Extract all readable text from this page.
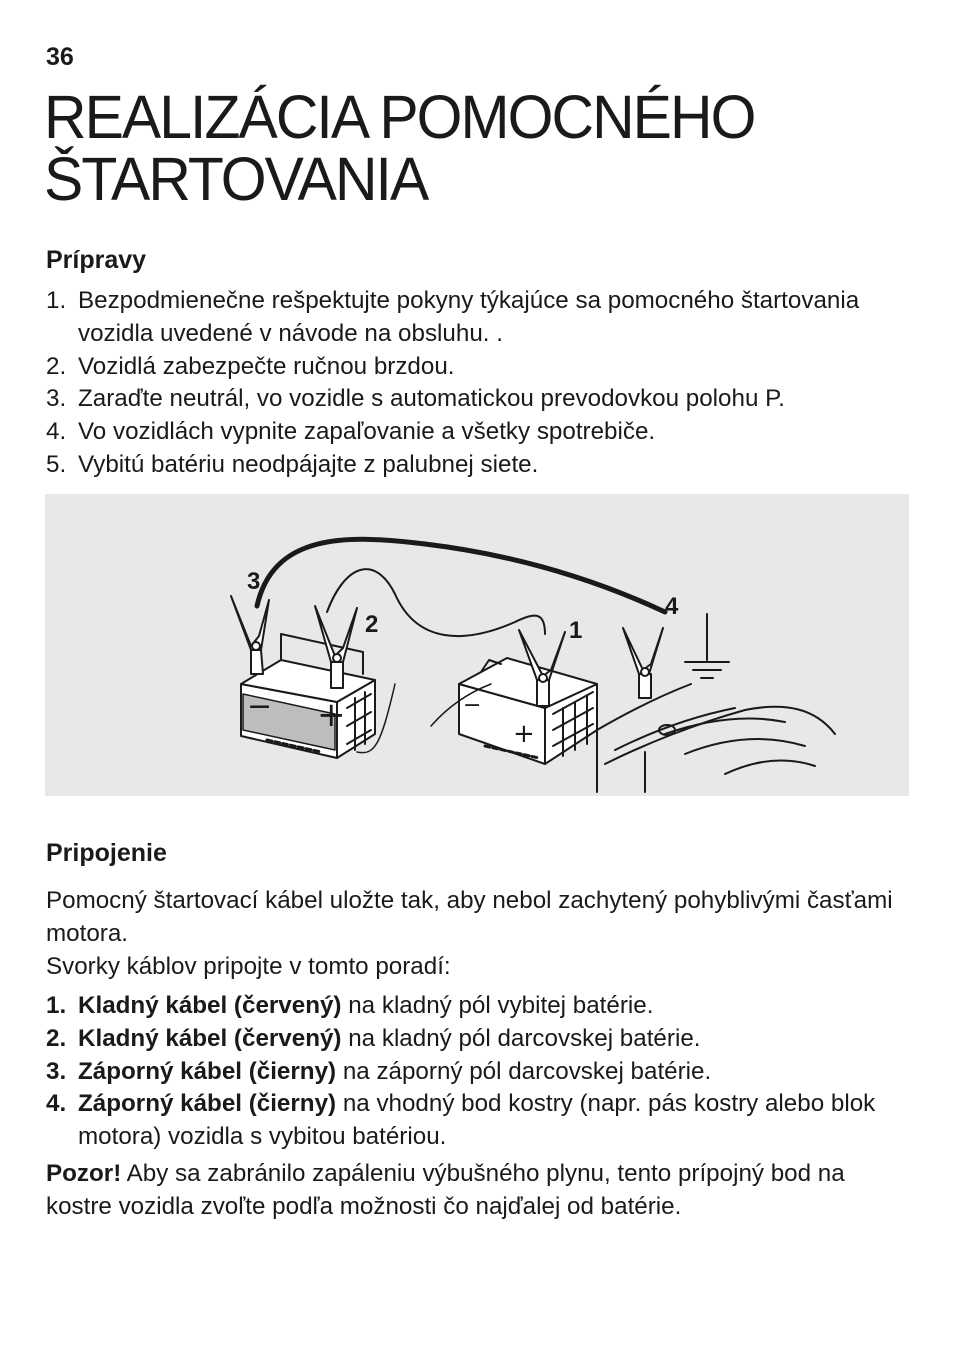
36
REALIZÁCIA POMOCNÉHO
ŠTARTOVANIA
Prípravy
1. Bezpodmienečne rešpektujte pokyny týkajúce sa pomocného štartovania vozidla uvedené v návode na obsluhu. .
2. Vozidlá zabezpečte ručnou brzdou.
3. Zaraďte neutrál, vo vozidle s automatickou prevodovkou polohu P.
4. Vo vozidlách vypnite zapaľovanie a všetky spotrebiče.
5. Vybitú batériu neodpájajte z palubnej siete.
3
2	1
4
− +	−
+
Pripojenie

Pomocný štartovací kábel uložte tak, aby nebol zachytený pohyblivými časťami motora.

Svorky káblov pripojte v tomto poradí:

1. Kladný kábel (červený) na kladný pól vybitej batérie.
2. Kladný kábel (červený) na kladný pól darcovskej batérie.
3. Záporný kábel (čierny) na záporný pól darcovskej batérie.
4. Záporný kábel (čierny) na vhodný bod kostry (napr. pás kostry alebo blok motora) vozidla s vybitou batériou.

Pozor! Aby sa zabránilo zapáleniu výbušného plynu, tento prípojný bod na kostre vozidla zvoľte podľa možnosti čo najďalej od batérie.
